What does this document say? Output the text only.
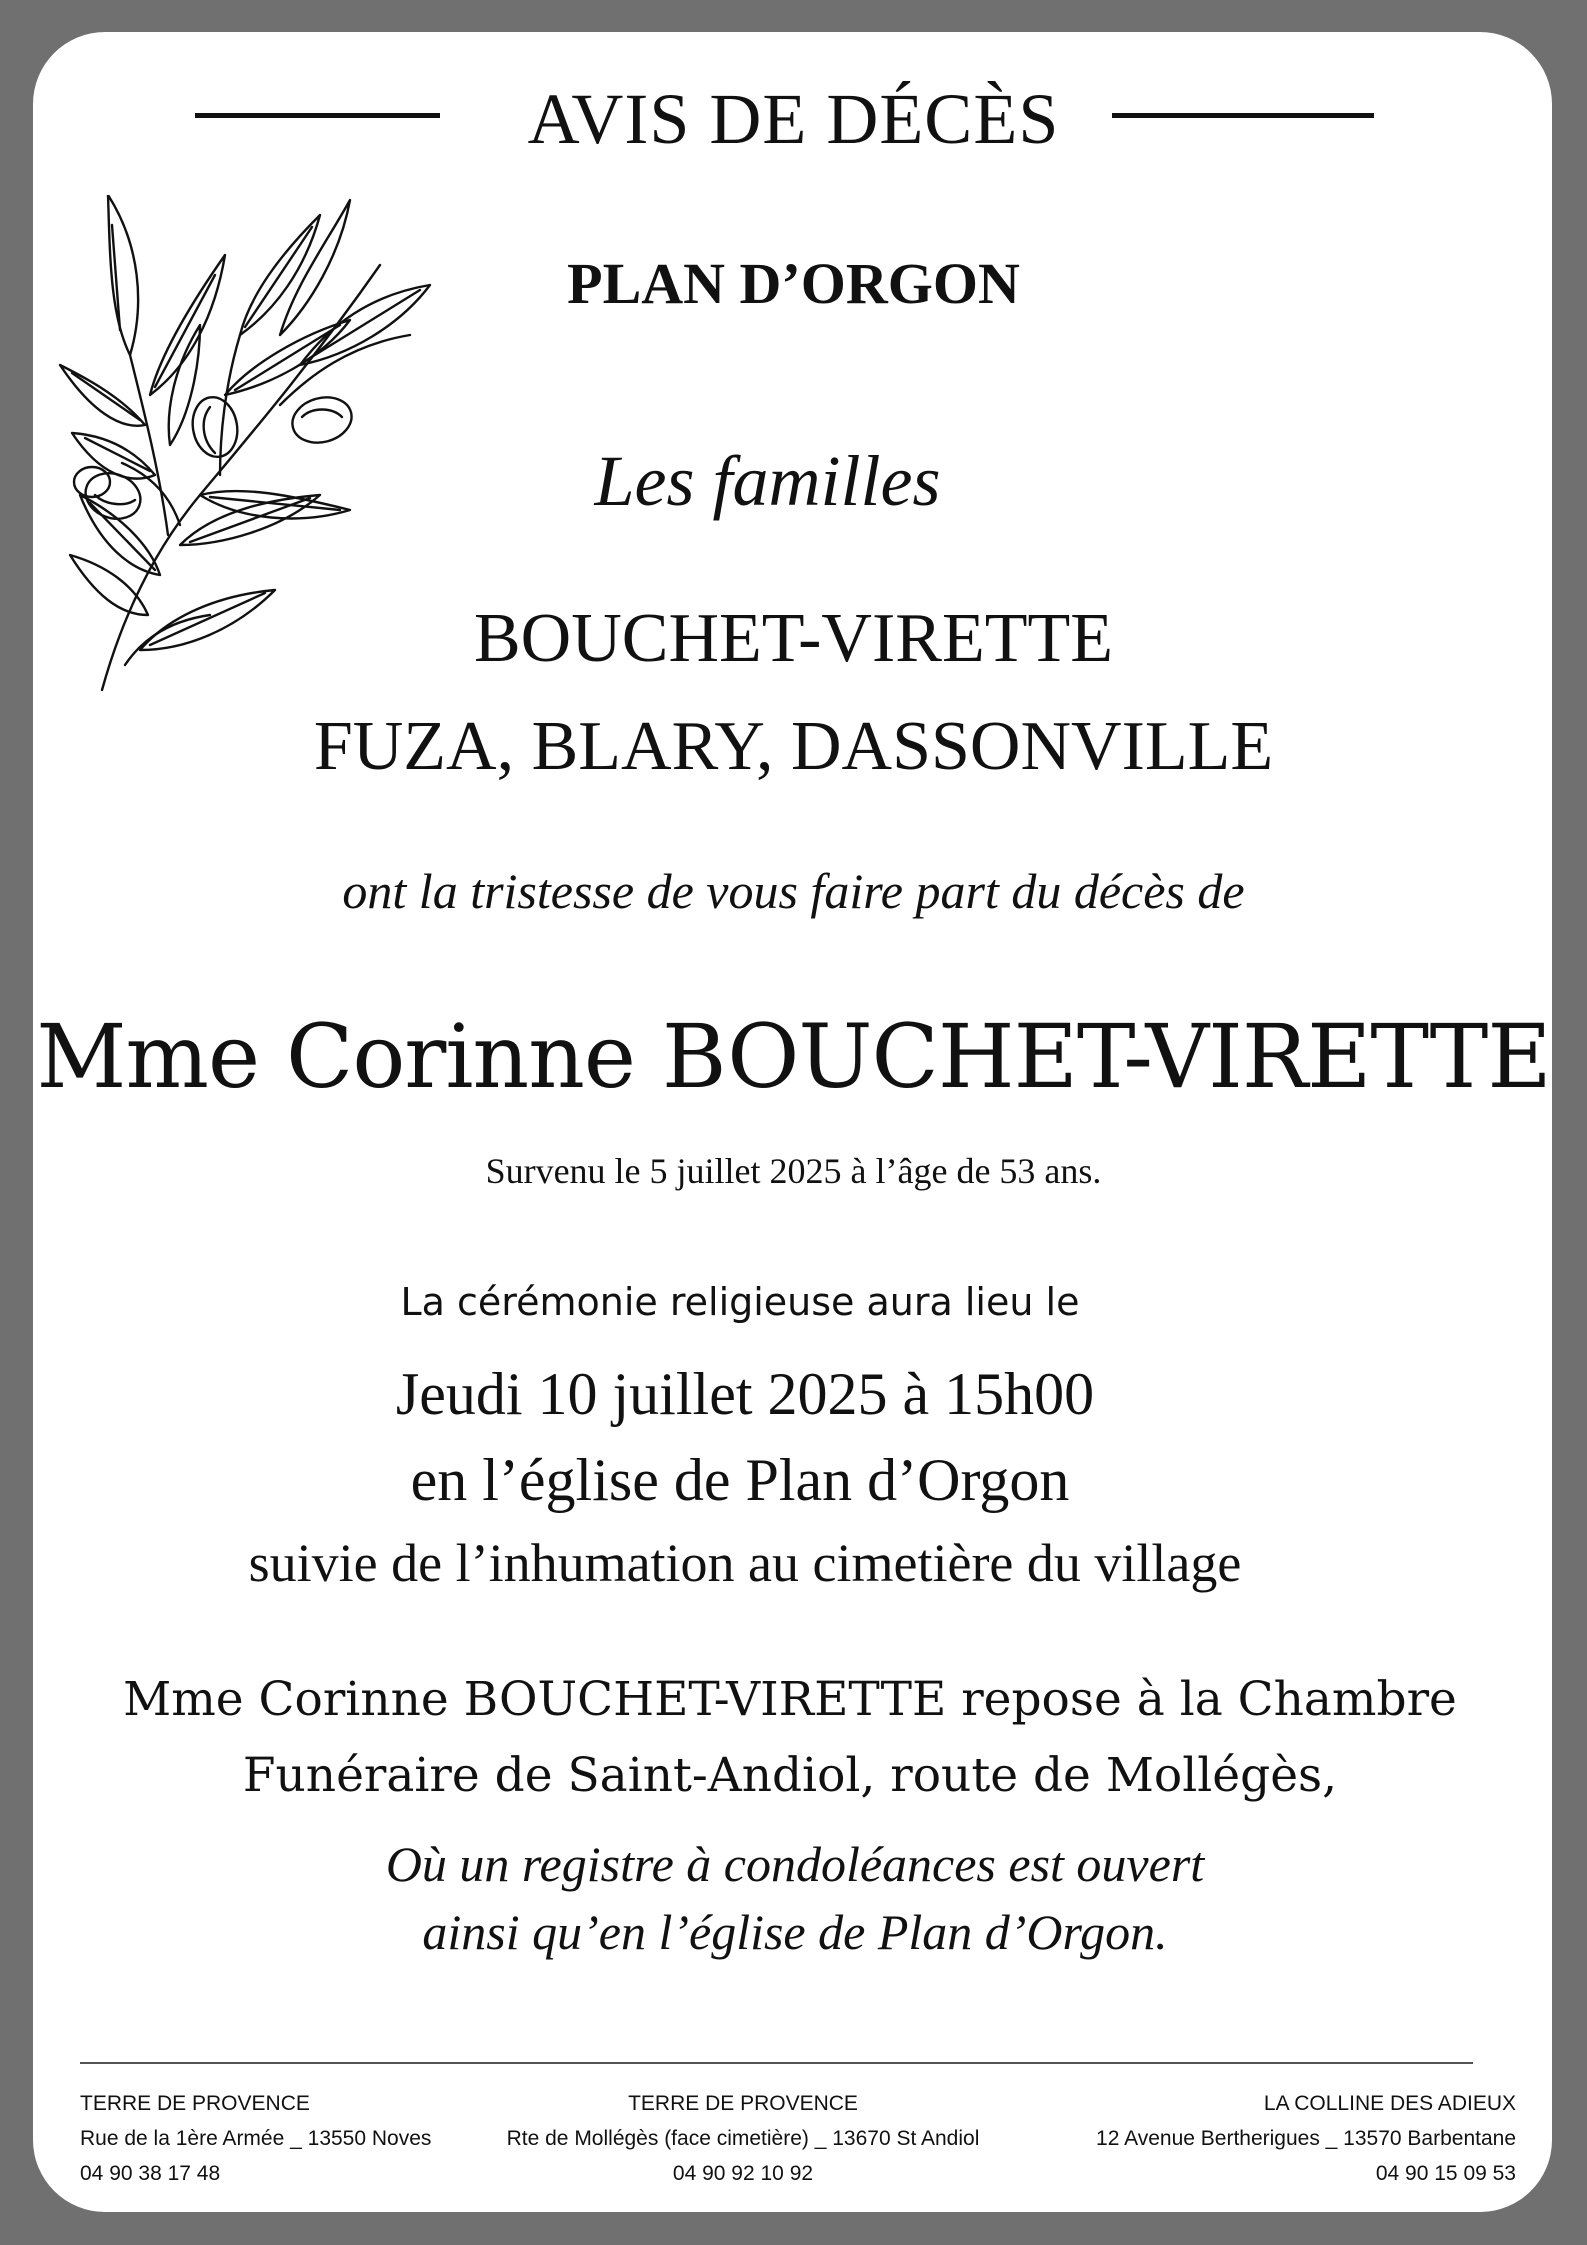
AVIS DE DÉCÈS
PLAN D’ORGON
Les familles
BOUCHET-VIRETTE
FUZA, BLARY, DASSONVILLE
ont la tristesse de vous faire part du décès de
Mme Corinne BOUCHET-VIRETTE
Survenu le 5 juillet 2025 à l’âge de 53 ans.
La cérémonie religieuse aura lieu le
Jeudi 10 juillet 2025 à 15h00
en l’église de Plan d’Orgon
suivie de l’inhumation au cimetière du village
Mme Corinne BOUCHET-VIRETTE repose à la Chambre
Funéraire de Saint-Andiol, route de Mollégès,
Où un registre à condoléances est ouvert
ainsi qu’en l’église de Plan d’Orgon.
TERRE DE PROVENCE
Rue de la 1ère Armée _ 13550 Noves
04 90 38 17 48
TERRE DE PROVENCE
Rte de Mollégès (face cimetière) _ 13670 St Andiol
04 90 92 10 92
LA COLLINE DES ADIEUX
12 Avenue Bertherigues _ 13570 Barbentane
04 90 15 09 53
